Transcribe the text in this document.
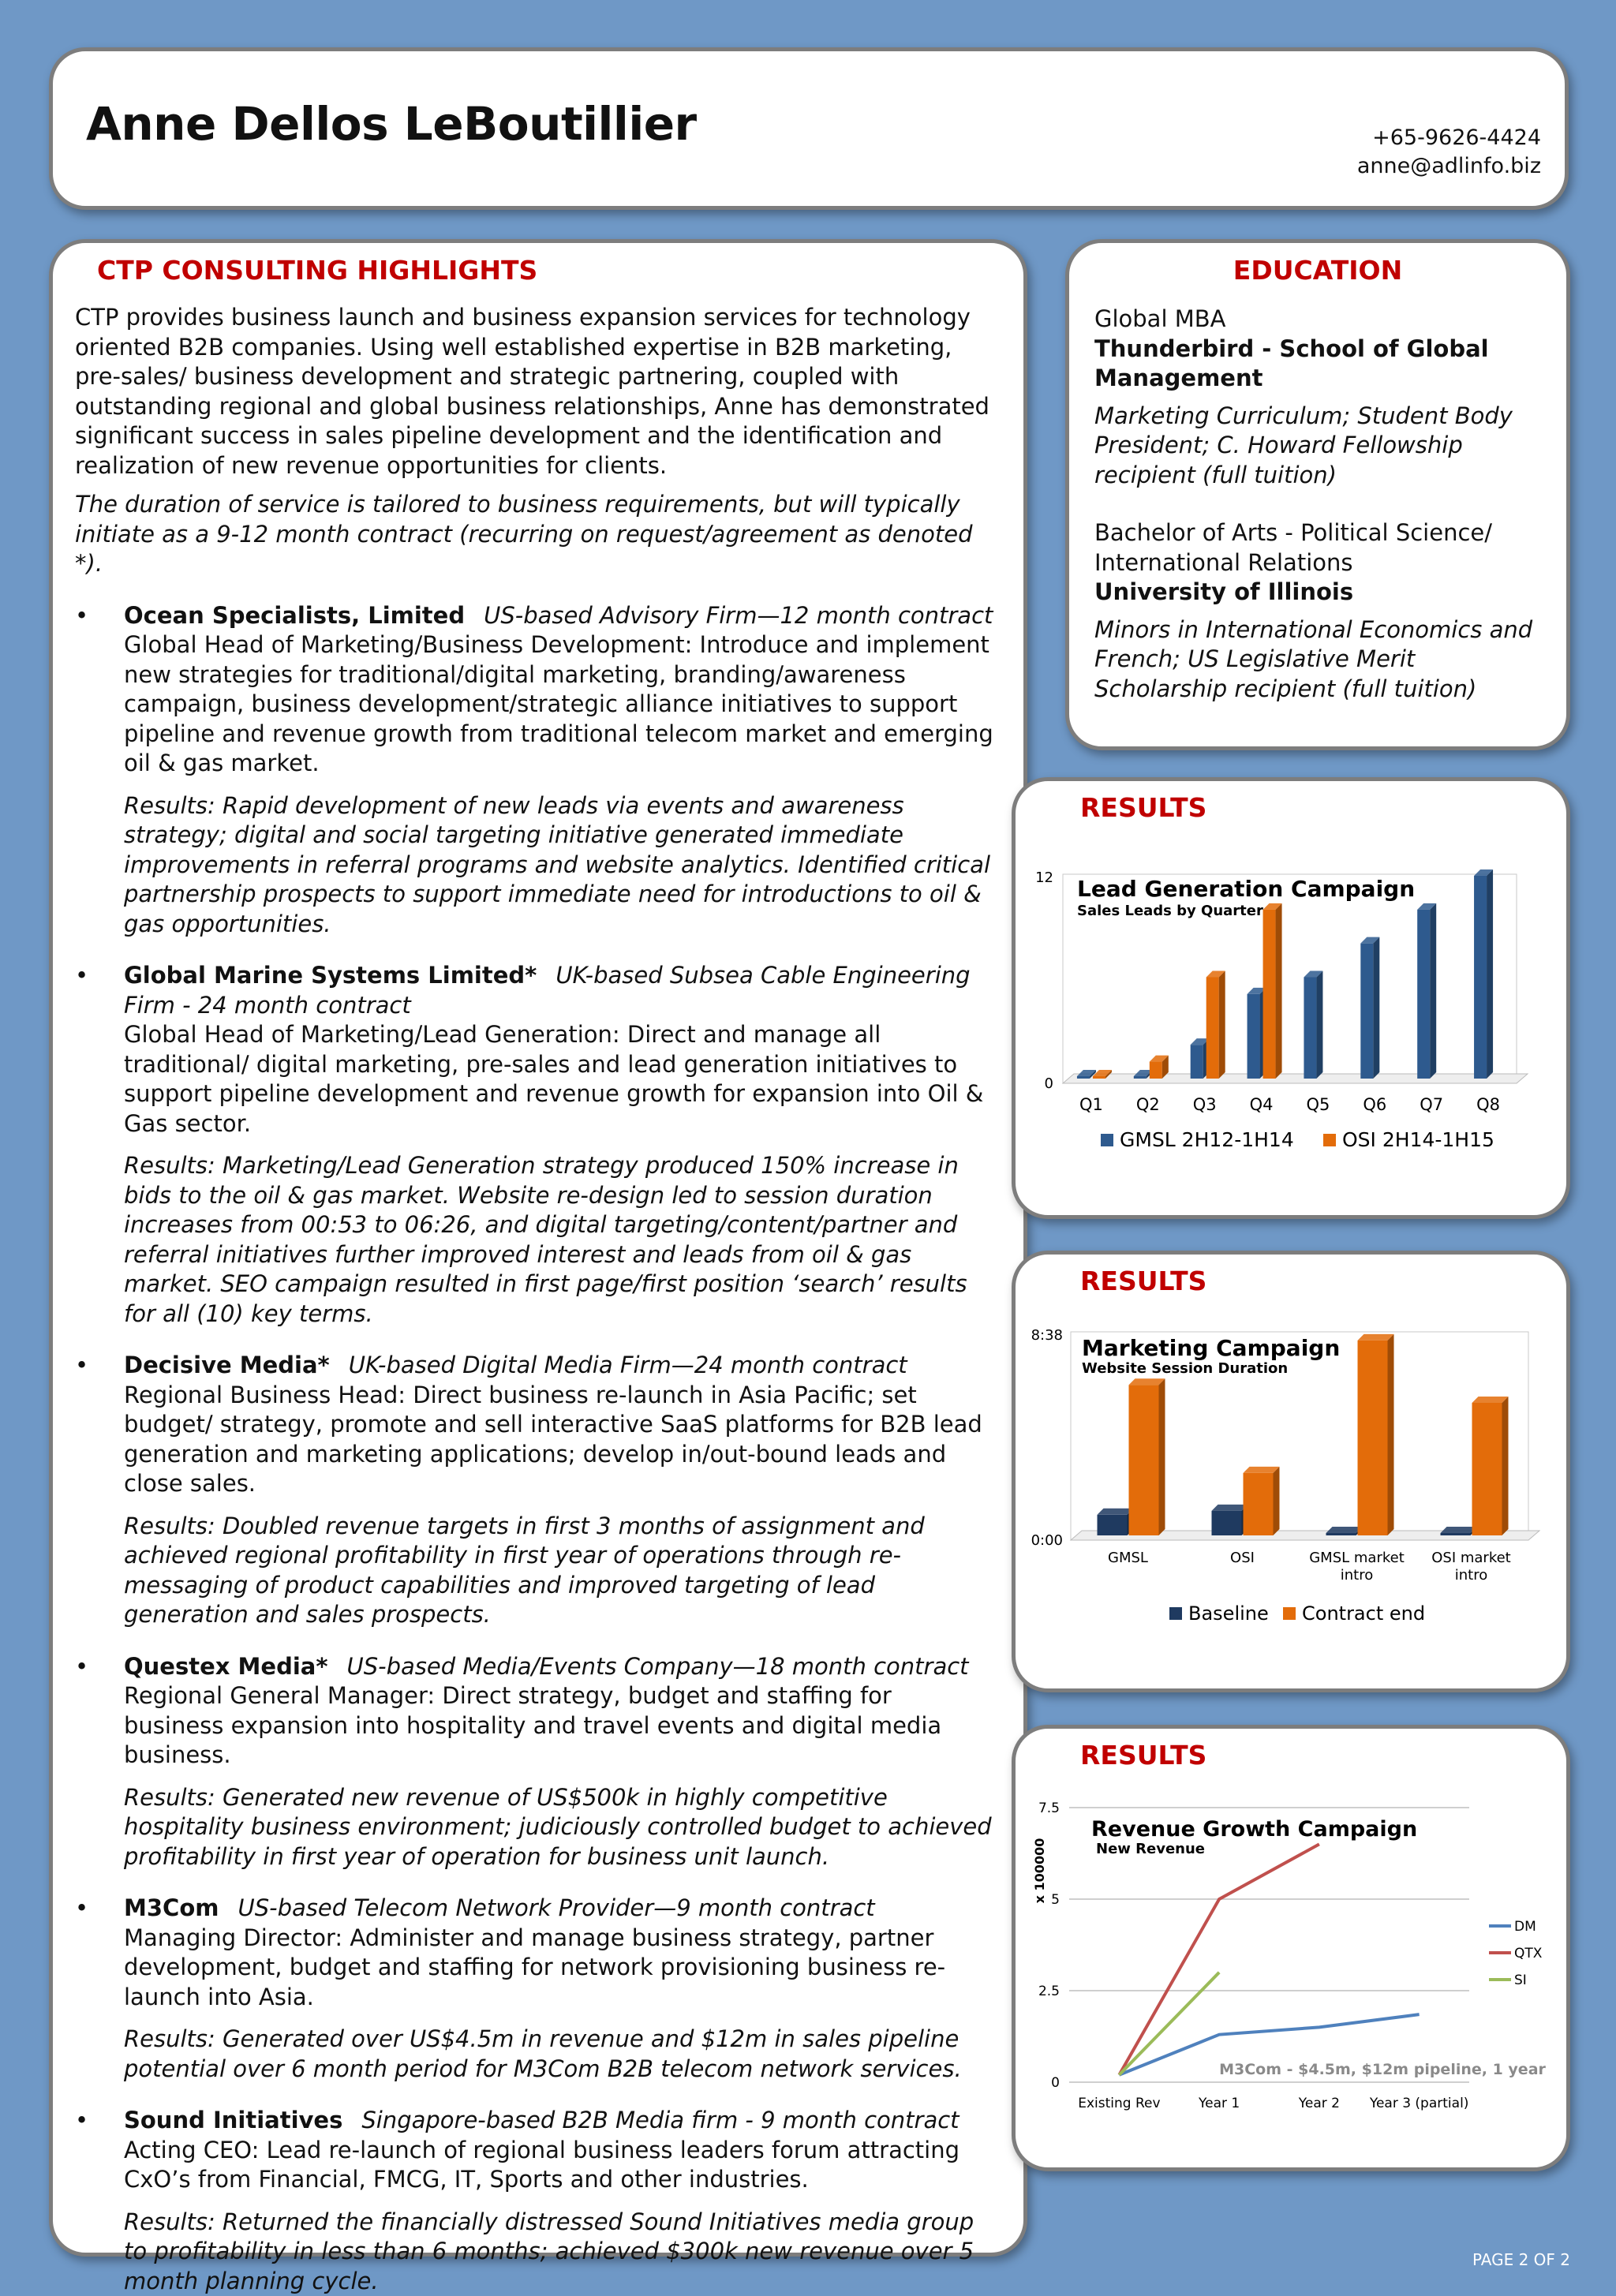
Anne Dellos LeBoutillier	+65-9626-4424
anne@adlinfo.biz
CTP CONSULTING HIGHLIGHTS

CTP provides business launch and business expansion services for technology oriented B2B companies. Using well established expertise in B2B marketing, pre-sales/ business development and strategic partnering, coupled with outstanding regional and global business relationships, Anne has demonstrated significant success in sales pipeline development and the identification and realization of new revenue opportunities for clients.

The duration of service is tailored to business requirements, but will typically initiate as a 9-12 month contract (recurring on request/agreement as denoted *).

• Ocean Specialists, Limited US-based Advisory Firm—12 month contract
Global Head of Marketing/Business Development: Introduce and implement new strategies for traditional/digital marketing, branding/awareness campaign, business development/strategic alliance initiatives to support pipeline and revenue growth from traditional telecom market and emerging oil & gas market.
Results: Rapid development of new leads via events and awareness strategy; digital and social targeting initiative generated immediate improvements in referral programs and website analytics. Identified critical partnership prospects to support immediate need for introductions to oil & gas opportunities.
• Global Marine Systems Limited* UK-based Subsea Cable Engineering Firm - 24 month contract
Global Head of Marketing/Lead Generation: Direct and manage all traditional/ digital marketing, pre-sales and lead generation initiatives to support pipeline development and revenue growth for expansion into Oil & Gas sector.
Results: Marketing/Lead Generation strategy produced 150% increase in bids to the oil & gas market. Website re-design led to session duration increases from 00:53 to 06:26, and digital targeting/content/partner and referral initiatives further improved interest and leads from oil & gas market. SEO campaign resulted in first page/first position ‘search’ results for all (10) key terms.
• Decisive Media* UK-based Digital Media Firm—24 month contract
Regional Business Head: Direct business re-launch in Asia Pacific; set budget/ strategy, promote and sell interactive SaaS platforms for B2B lead generation and marketing applications; develop in/out-bound leads and close sales.
Results: Doubled revenue targets in first 3 months of assignment and achieved regional profitability in first year of operations through re-messaging of product capabilities and improved targeting of lead generation and sales prospects.
• Questex Media* US-based Media/Events Company—18 month contract
Regional General Manager: Direct strategy, budget and staffing for business expansion into hospitality and travel events and digital media business.
Results: Generated new revenue of US$500k in highly competitive hospitality business environment; judiciously controlled budget to achieved profitability in first year of operation for business unit launch.
• M3Com US-based Telecom Network Provider—9 month contract
Managing Director: Administer and manage business strategy, partner development, budget and staffing for network provisioning business re-launch into Asia.
Results: Generated over US$4.5m in revenue and $12m in sales pipeline potential over 6 month period for M3Com B2B telecom network services.
• Sound Initiatives Singapore-based B2B Media firm - 9 month contract
Acting CEO: Lead re-launch of regional business leaders forum attracting CxO’s from Financial, FMCG, IT, Sports and other industries.
Results: Returned the financially distressed Sound Initiatives media group to profitability in less than 6 months; achieved $300k new revenue over 5 month planning cycle.
EDUCATION
Global MBA
Thunderbird - School of Global Management
Marketing Curriculum; Student Body President; C. Howard Fellowship recipient (full tuition)
Bachelor of Arts - Political Science/ International Relations
University of Illinois
Minors in International Economics and French; US Legislative Merit Scholarship recipient (full tuition)
RESULTS
12
0
Lead Generation Campaign
Sales Leads by Quarter
Q1 Q2 Q3 Q4 Q5 Q6 Q7 Q8
GMSL 2H12-1H14 OSI 2H14-1H15
RESULTS
8:38
0:00
Marketing Campaign
Website Session Duration
GMSL	OSI	GMSL market
intro
OSI market
intro
Baseline Contract end
RESULTS
0
2.5
5
7.5
x 100000
Revenue Growth Campaign
New Revenue
Existing Rev	Year 1	Year 2 Year 3 (partial)
M3Com - $4.5m, $12m pipeline, 1 year
DM
QTX
SI
PAGE 2 OF 2
